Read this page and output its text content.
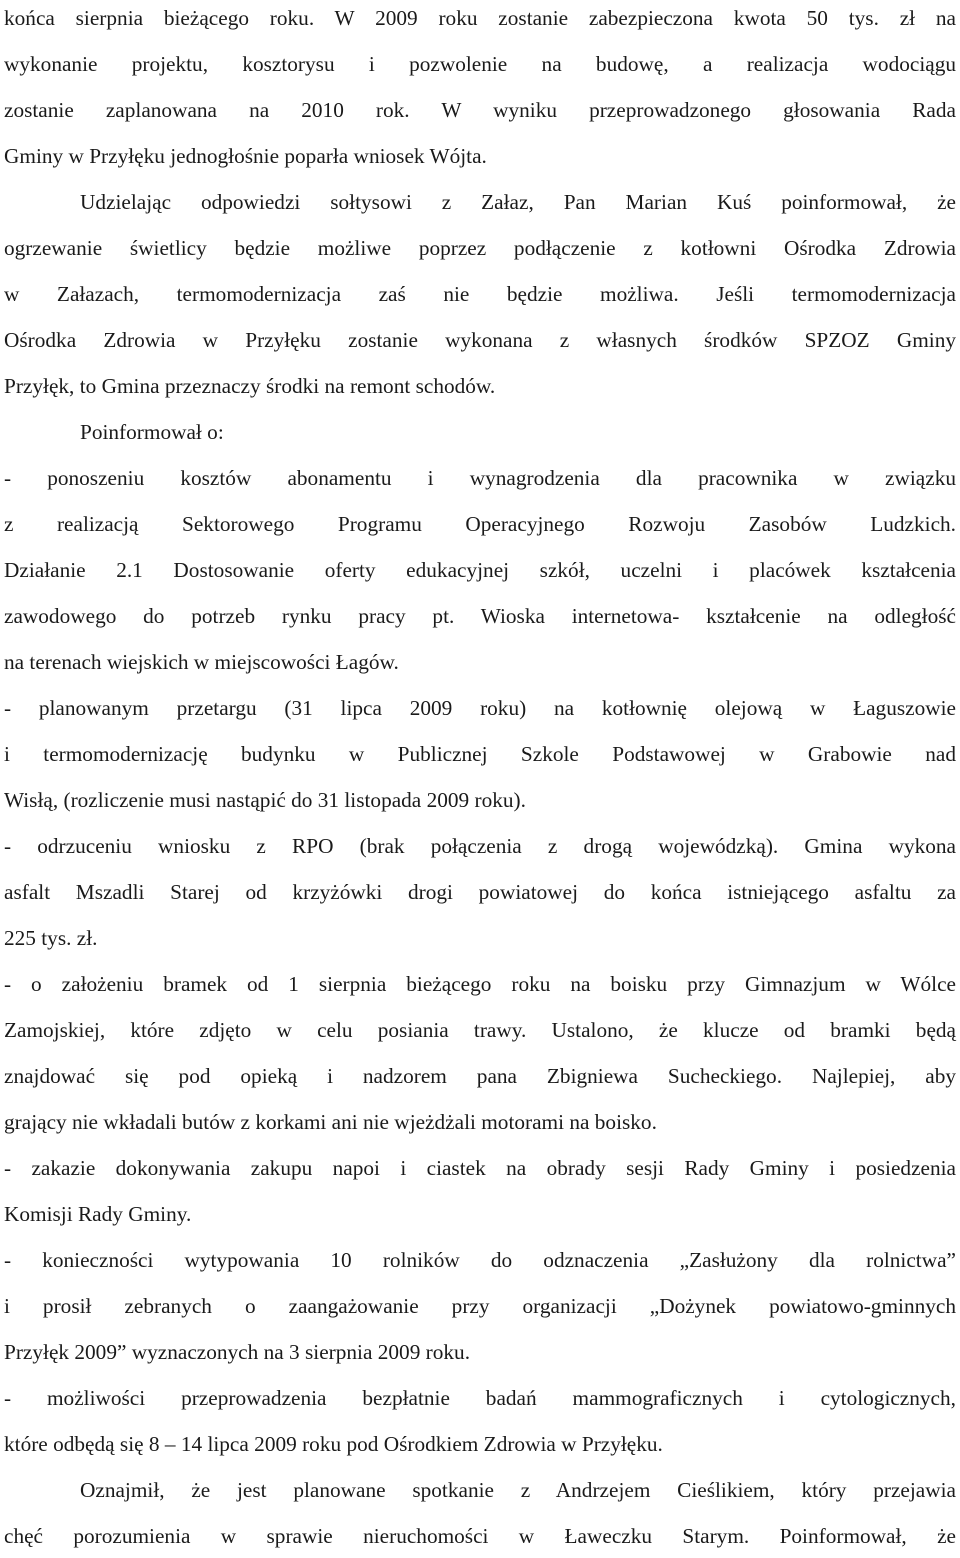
końca sierpnia bieżącego roku. W 2009 roku zostanie zabezpieczona kwota 50 tys. zł na
wykonanie projektu, kosztorysu i pozwolenie na budowę, a realizacja wodociągu
zostanie zaplanowana na 2010 rok. W wyniku przeprowadzonego głosowania Rada
Gminy w Przyłęku jednogłośnie poparła wniosek Wójta.
Udzielając odpowiedzi sołtysowi z Załaz, Pan Marian Kuś poinformował, że
ogrzewanie świetlicy będzie możliwe poprzez podłączenie z kotłowni Ośrodka Zdrowia
w Załazach, termomodernizacja zaś nie będzie możliwa. Jeśli termomodernizacja
Ośrodka Zdrowia w Przyłęku zostanie wykonana z własnych środków SPZOZ Gminy
Przyłęk, to Gmina przeznaczy środki na remont schodów.
Poinformował o:
- ponoszeniu kosztów abonamentu i wynagrodzenia dla pracownika w związku
z realizacją Sektorowego Programu Operacyjnego Rozwoju Zasobów Ludzkich.
Działanie 2.1 Dostosowanie oferty edukacyjnej szkół, uczelni i placówek kształcenia
zawodowego do potrzeb rynku pracy pt. Wioska internetowa- kształcenie na odległość
na terenach wiejskich w miejscowości Łagów.
- planowanym przetargu (31 lipca 2009 roku) na kotłownię olejową w Łaguszowie
i termomodernizację budynku w Publicznej Szkole Podstawowej w Grabowie nad
Wisłą, (rozliczenie musi nastąpić do 31 listopada 2009 roku).
- odrzuceniu wniosku z RPO (brak połączenia z drogą wojewódzką). Gmina wykona
asfalt Mszadli Starej od krzyżówki drogi powiatowej do końca istniejącego asfaltu za
225 tys. zł.
- o założeniu bramek od 1 sierpnia bieżącego roku na boisku przy Gimnazjum w Wólce
Zamojskiej, które zdjęto w celu posiania trawy. Ustalono, że klucze od bramki będą
znajdować się pod opieką i nadzorem pana Zbigniewa Sucheckiego. Najlepiej, aby
grający nie wkładali butów z korkami ani nie wjeżdżali motorami na boisko.
- zakazie dokonywania zakupu napoi i ciastek na obrady sesji Rady Gminy i posiedzenia
Komisji Rady Gminy.
- konieczności wytypowania 10 rolników do odznaczenia „Zasłużony dla rolnictwa”
i prosił zebranych o zaangażowanie przy organizacji „Dożynek powiatowo-gminnych
Przyłęk 2009” wyznaczonych na 3 sierpnia 2009 roku.
- możliwości przeprowadzenia bezpłatnie badań mammograficznych i cytologicznych,
które odbędą się 8 – 14 lipca 2009 roku pod Ośrodkiem Zdrowia w Przyłęku.
Oznajmił, że jest planowane spotkanie z Andrzejem Cieślikiem, który przejawia
chęć porozumienia w sprawie nieruchomości w Ławeczku Starym. Poinformował, że
